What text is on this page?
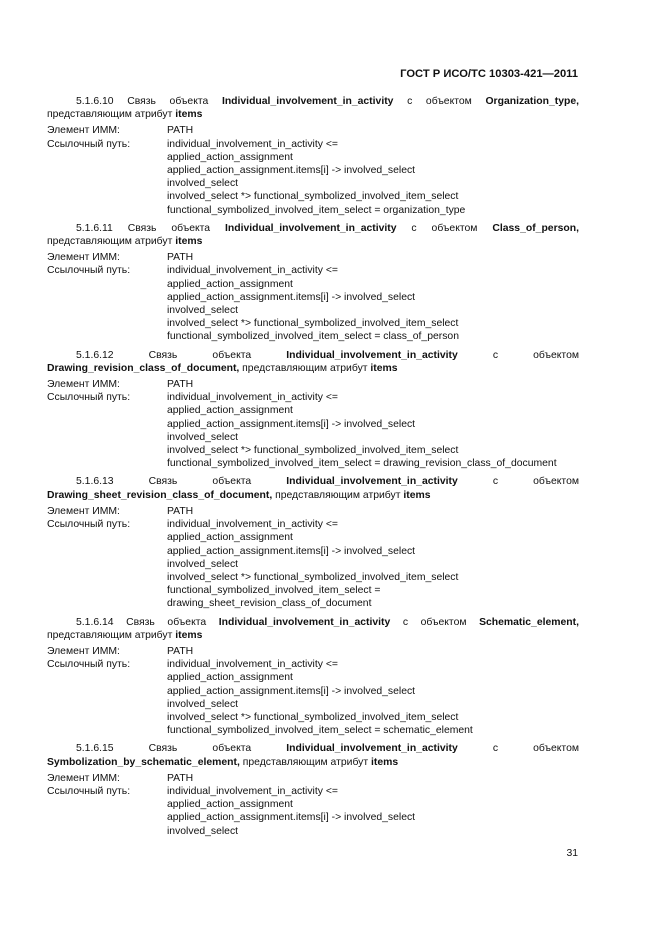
ГОСТ Р ИСО/ТС 10303-421—2011
5.1.6.10 Связь объекта Individual_involvement_in_activity с объектом Organization_type, представляющим атрибут items
Элемент ИММ:	PATH
Ссылочный путь:	individual_involvement_in_activity <=
applied_action_assignment
applied_action_assignment.items[i] -> involved_select
involved_select
involved_select *> functional_symbolized_involved_item_select
functional_symbolized_involved_item_select = organization_type
5.1.6.11 Связь объекта Individual_involvement_in_activity с объектом Class_of_person, представляющим атрибут items
Элемент ИММ:	PATH
Ссылочный путь:	individual_involvement_in_activity <=
applied_action_assignment
applied_action_assignment.items[i] -> involved_select
involved_select
involved_select *> functional_symbolized_involved_item_select
functional_symbolized_involved_item_select = class_of_person
5.1.6.12 Связь объекта Individual_involvement_in_activity с объектом Drawing_revision_class_of_document, представляющим атрибут items
Элемент ИММ:	PATH
Ссылочный путь:	individual_involvement_in_activity <=
applied_action_assignment
applied_action_assignment.items[i] -> involved_select
involved_select
involved_select *> functional_symbolized_involved_item_select
functional_symbolized_involved_item_select = drawing_revision_class_of_document
5.1.6.13 Связь объекта Individual_involvement_in_activity с объектом Drawing_sheet_revision_class_of_document, представляющим атрибут items
Элемент ИММ:	PATH
Ссылочный путь:	individual_involvement_in_activity <=
applied_action_assignment
applied_action_assignment.items[i] -> involved_select
involved_select
involved_select *> functional_symbolized_involved_item_select
functional_symbolized_involved_item_select =
drawing_sheet_revision_class_of_document
5.1.6.14 Связь объекта Individual_involvement_in_activity с объектом Schematic_element, представляющим атрибут items
Элемент ИММ:	PATH
Ссылочный путь:	individual_involvement_in_activity <=
applied_action_assignment
applied_action_assignment.items[i] -> involved_select
involved_select
involved_select *> functional_symbolized_involved_item_select
functional_symbolized_involved_item_select = schematic_element
5.1.6.15 Связь объекта Individual_involvement_in_activity с объектом Symbolization_by_schematic_element, представляющим атрибут items
Элемент ИММ:	PATH
Ссылочный путь:	individual_involvement_in_activity <=
applied_action_assignment
applied_action_assignment.items[i] -> involved_select
involved_select
31
